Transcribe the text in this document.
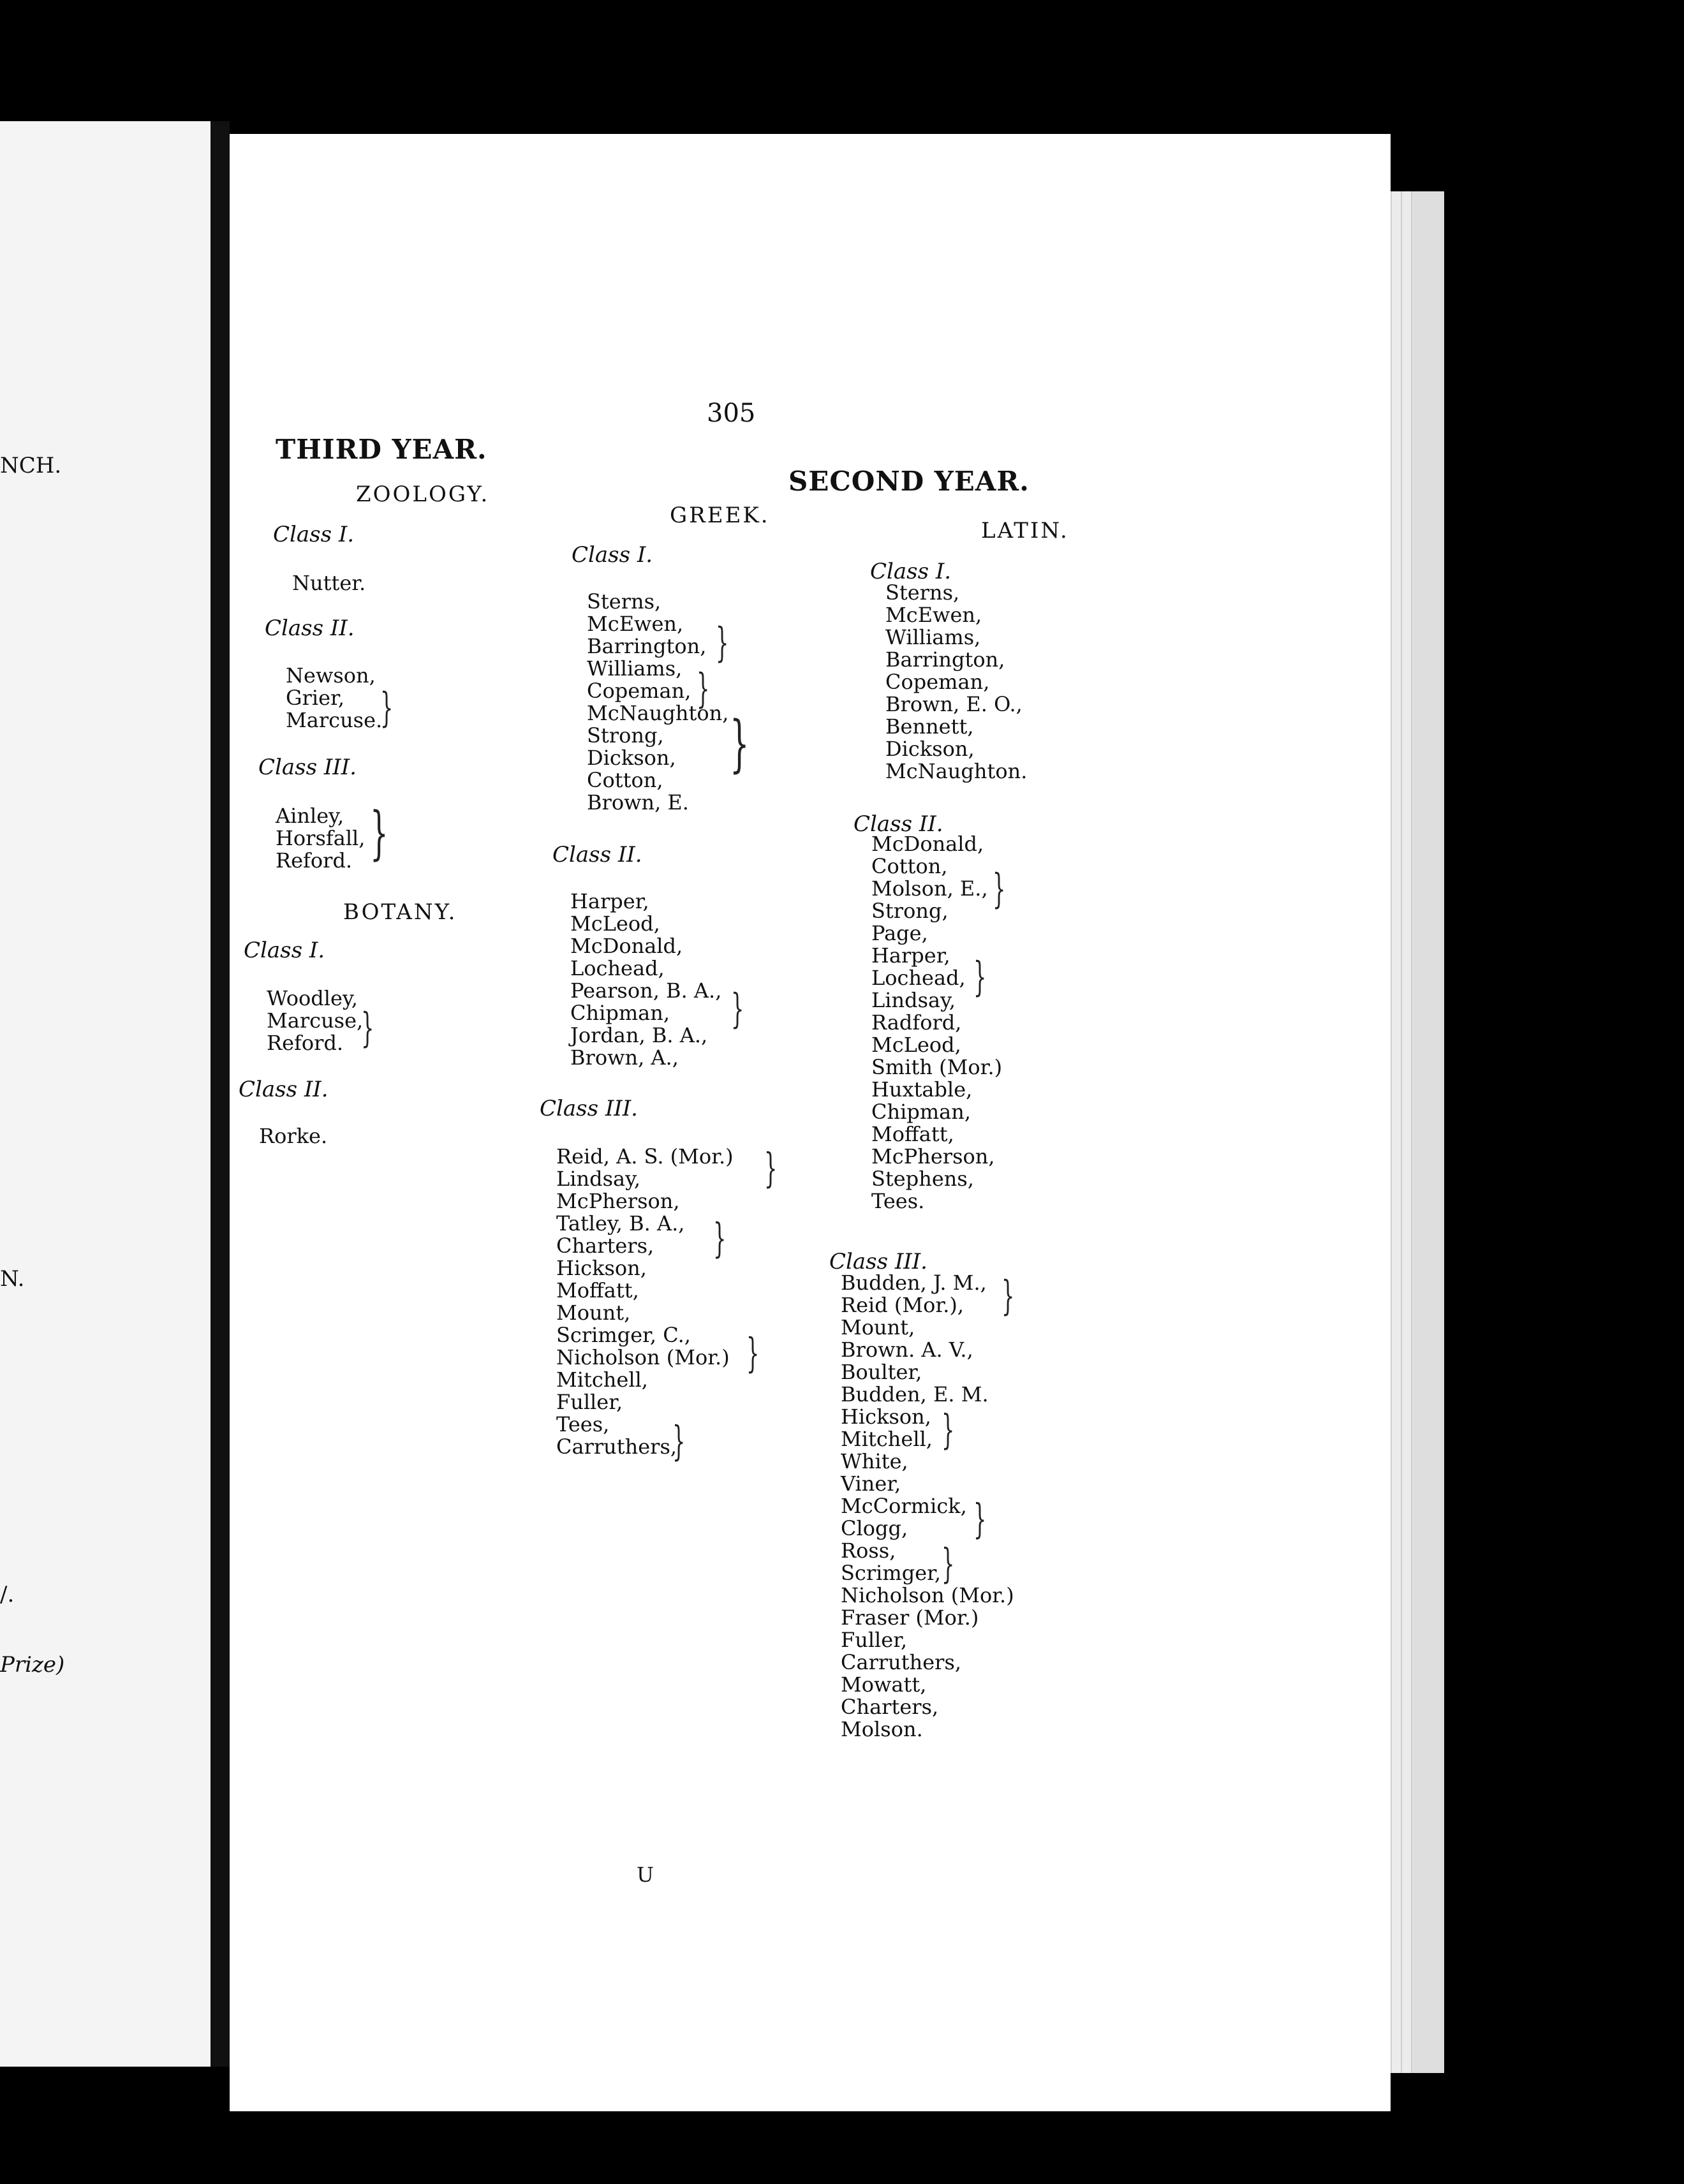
NCH.
N.
/.
Prize)
305
THIRD YEAR.
ZOOLOGY.
Class I.
Nutter.
Class II.
Newson,
Grier,
Marcuse.
}
Class III.
Ainley,
Horsfall,
Reford. }
BOTANY.
Class I.
Woodley,
Marcuse,
Reford. }
Class II.
Rorke.
SECOND YEAR.
GREEK.
Class I.
Sterns,
McEwen,
Barrington,
Williams,
Copeman,
McNaughton,
Strong,
Dickson,
Cotton,
Brown, E.
}
}
}
Class II.
Harper,
McLeod,
McDonald,
Lochead,
Pearson, B. A.,
Chipman,
Jordan, B. A.,
Brown, A.,
}
Class III.
Reid, A. S. (Mor.)
Lindsay,
McPherson,
Tatley, B. A.,
Charters,
Hickson,
Moffatt,
Mount,
Scrimger, C.,
Nicholson (Mor.)
Mitchell,
Fuller,
Tees,
Carruthers,
}
}
}
}
LATIN.
Class I.
Sterns,
McEwen,
Williams,
Barrington,
Copeman,
Brown, E. O.,
Bennett,
Dickson,
McNaughton.
Class II.
McDonald,
Cotton,
Molson, E.,
Strong,
Page,
Harper,
Lochead,
Lindsay,
Radford,
McLeod,
Smith (Mor.)
Huxtable,
Chipman,
Moffatt,
McPherson,
Stephens,
Tees.
}
}
Class III.
Budden, J. M.,
Reid (Mor.),
Mount,
Brown. A. V.,
Boulter,
Budden, E. M.
Hickson,
Mitchell,
White,
Viner,
McCormick,
Clogg,
Ross,
Scrimger,
Nicholson (Mor.)
Fraser (Mor.)
Fuller,
Carruthers,
Mowatt,
Charters,
Molson.
}
}
}
}
U
